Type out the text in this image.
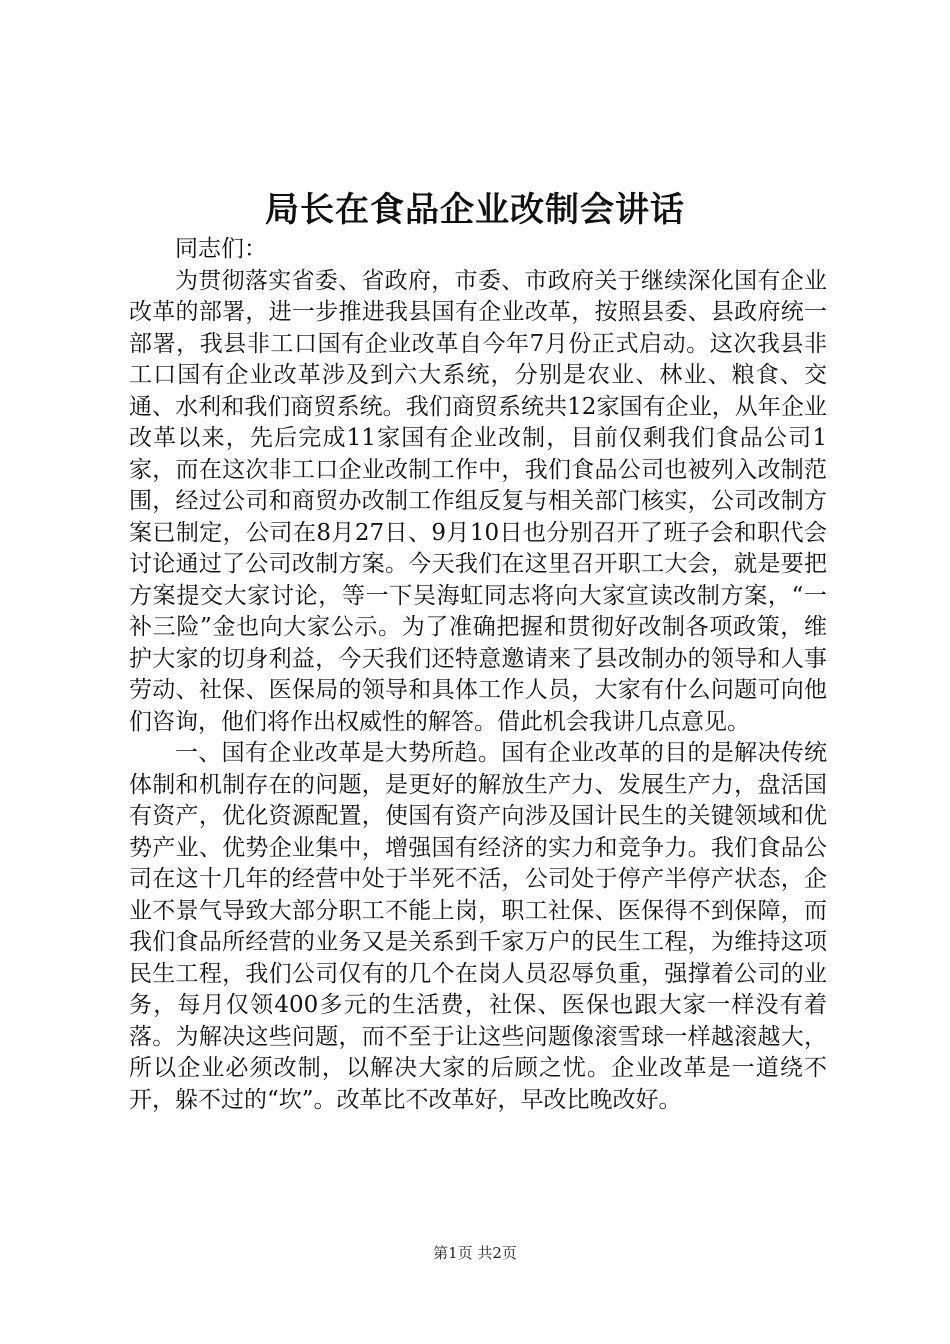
局长在食品企业改制会讲话

同志们：

为贯彻落实省委、省政府，市委、市政府关于继续深化国有企业改革的部署，进一步推进我县国有企业改革，按照县委、县政府统一部署，我县非工口国有企业改革自今年7月份正式启动。这次我县非工口国有企业改革涉及到六大系统，分别是农业、林业、粮食、交通、水利和我们商贸系统。我们商贸系统共12家国有企业，从年企业改革以来，先后完成11家国有企业改制，目前仅剩我们食品公司1家，而在这次非工口企业改制工作中，我们食品公司也被列入改制范围，经过公司和商贸办改制工作组反复与相关部门核实，公司改制方案已制定，公司在8月27日、9月10日也分别召开了班子会和职代会讨论通过了公司改制方案。今天我们在这里召开职工大会，就是要把方案提交大家讨论，等一下吴海虹同志将向大家宣读改制方案，“一补三险”金也向大家公示。为了准确把握和贯彻好改制各项政策，维护大家的切身利益，今天我们还特意邀请来了县改制办的领导和人事劳动、社保、医保局的领导和具体工作人员，大家有什么问题可向他们咨询，他们将作出权威性的解答。借此机会我讲几点意见。

一、国有企业改革是大势所趋。国有企业改革的目的是解决传统体制和机制存在的问题，是更好的解放生产力、发展生产力，盘活国有资产，优化资源配置，使国有资产向涉及国计民生的关键领域和优势产业、优势企业集中，增强国有经济的实力和竞争力。我们食品公司在这十几年的经营中处于半死不活，公司处于停产半停产状态，企业不景气导致大部分职工不能上岗，职工社保、医保得不到保障，而我们食品所经营的业务又是关系到千家万户的民生工程，为维持这项民生工程，我们公司仅有的几个在岗人员忍辱负重，强撑着公司的业务，每月仅领400多元的生活费，社保、医保也跟大家一样没有着落。为解决这些问题，而不至于让这些问题像滚雪球一样越滚越大，所以企业必须改制，以解决大家的后顾之忧。企业改革是一道绕不开，躲不过的“坎”。改革比不改革好，早改比晚改好。

第1页 共2页
